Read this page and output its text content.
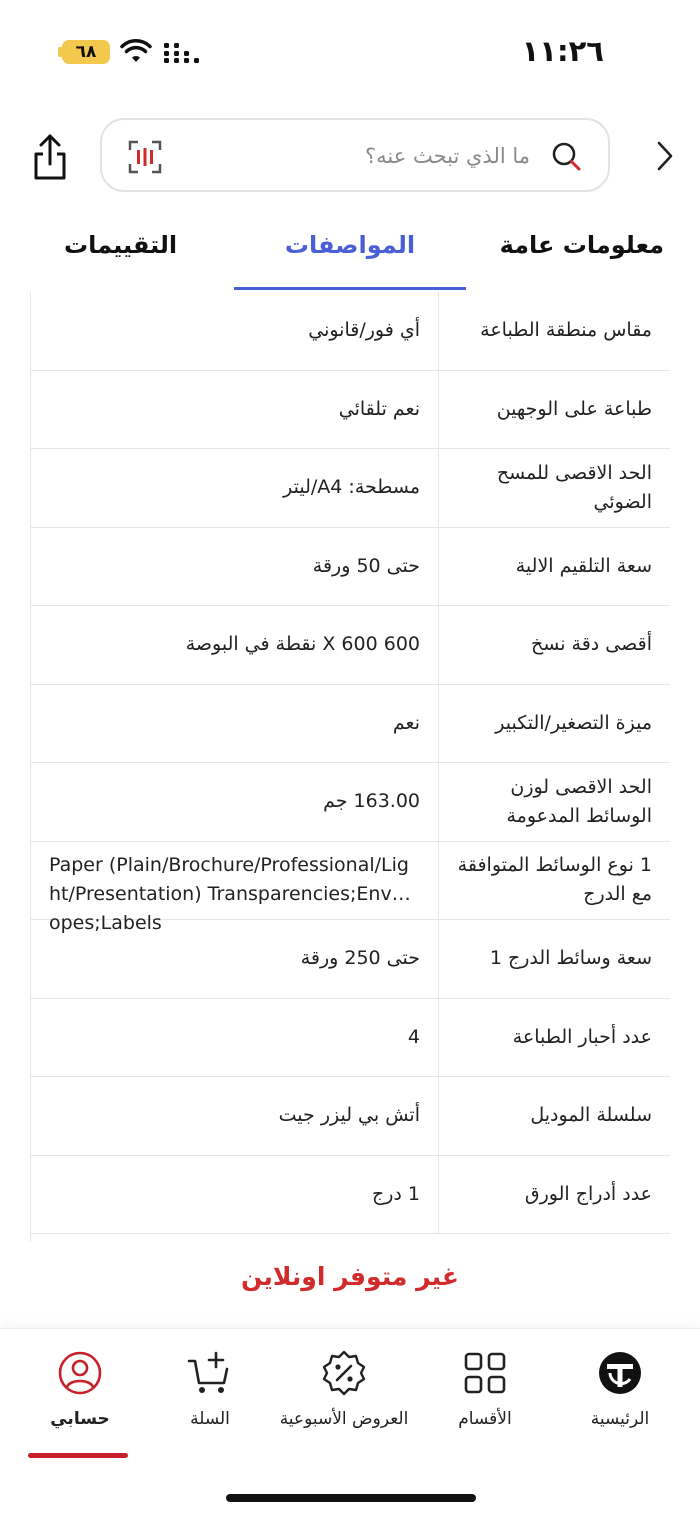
٦٨	١١:٢٦
ما الذي تبحث عنه؟
معلومات عامة
المواصفات
التقييمات
مقاس منطقة الطباعة
أي فور/قانوني
طباعة على الوجهين
نعم تلقائي
الحد الاقصى للمسح الضوئي
مسطحة: A4/ليتر
سعة التلقيم الالية
حتى 50 ورقة
أقصى دقة نسخ
600 X 600 نقطة في البوصة
ميزة التصغير/التكبير
نعم
الحد الاقصى لوزن الوسائط المدعومة
163.00 جم
1 نوع الوسائط المتوافقة مع الدرج
Paper (Plain/Brochure/Professional/Light/Presentation) Transparencies;Envelopes;Labels
سعة وسائط الدرج 1
حتى 250 ورقة
عدد أحبار الطباعة
4
سلسلة الموديل
أتش بي ليزر جيت
عدد أدراج الورق
1 درج
غير متوفر اونلاين
الرئيسية
الأقسام
العروض الأسبوعية
السلة
حسابي
